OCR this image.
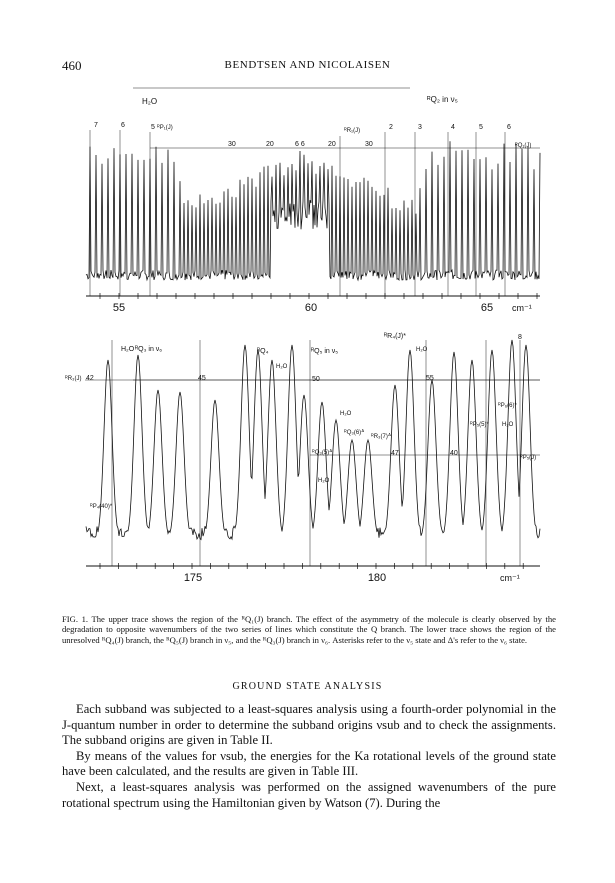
460	BENDTSEN AND NICOLAISEN
55	60	65 cm⁻¹
H₂O	ᴿQ₂ in ν₅
ᴿP₁(J)	ᴿR₁(J)
ᴿQ₁(J)
7	6	5
30	20	6 6	20	30
2	3	4	5	6
175	180	cm⁻¹
H₂O ᴿQ₃ in ν₆	ᴿQ₄
H₂O
ᴿQ₅ in ν₅
ᴿR₄(J)*
H₂O
ᴿR₃(J) 42	45	50	55
H₂O
ᴿQ₃(6)ᐞ
ᴿR₃(7)ᐞ
ᴿQ₃(5)ᐞ	47	40
H₂O
ᴿP₄(40)*
8
ᴿP₆(6)*
ᴿP₅(5)* H₂O
ᴿP₅(J)
FIG. 1. The upper trace shows the region of the ᴿQ₁(J) branch. The effect of the asymmetry of the molecule is clearly observed by the degradation to opposite wavenumbers of the two series of lines which constitute the Q branch. The lower trace shows the region of the unresolved ᴿQ₄(J) branch, the ᴿQ₅(J) branch in ν₅, and the ᴿQ₃(J) branch in ν₆. Asterisks refer to the ν₅ state and Δ's refer to the ν₆ state.
GROUND STATE ANALYSIS

Each subband was subjected to a least-squares analysis using a fourth-order polynomial in the J-quantum number in order to determine the subband origins νsub and to check the assignments. The subband origins are given in Table II.

By means of the values for νsub, the energies for the Ka rotational levels of the ground state have been calculated, and the results are given in Table III.

Next, a least-squares analysis was performed on the assigned wavenumbers of the pure rotational spectrum using the Hamiltonian given by Watson (7). During the
